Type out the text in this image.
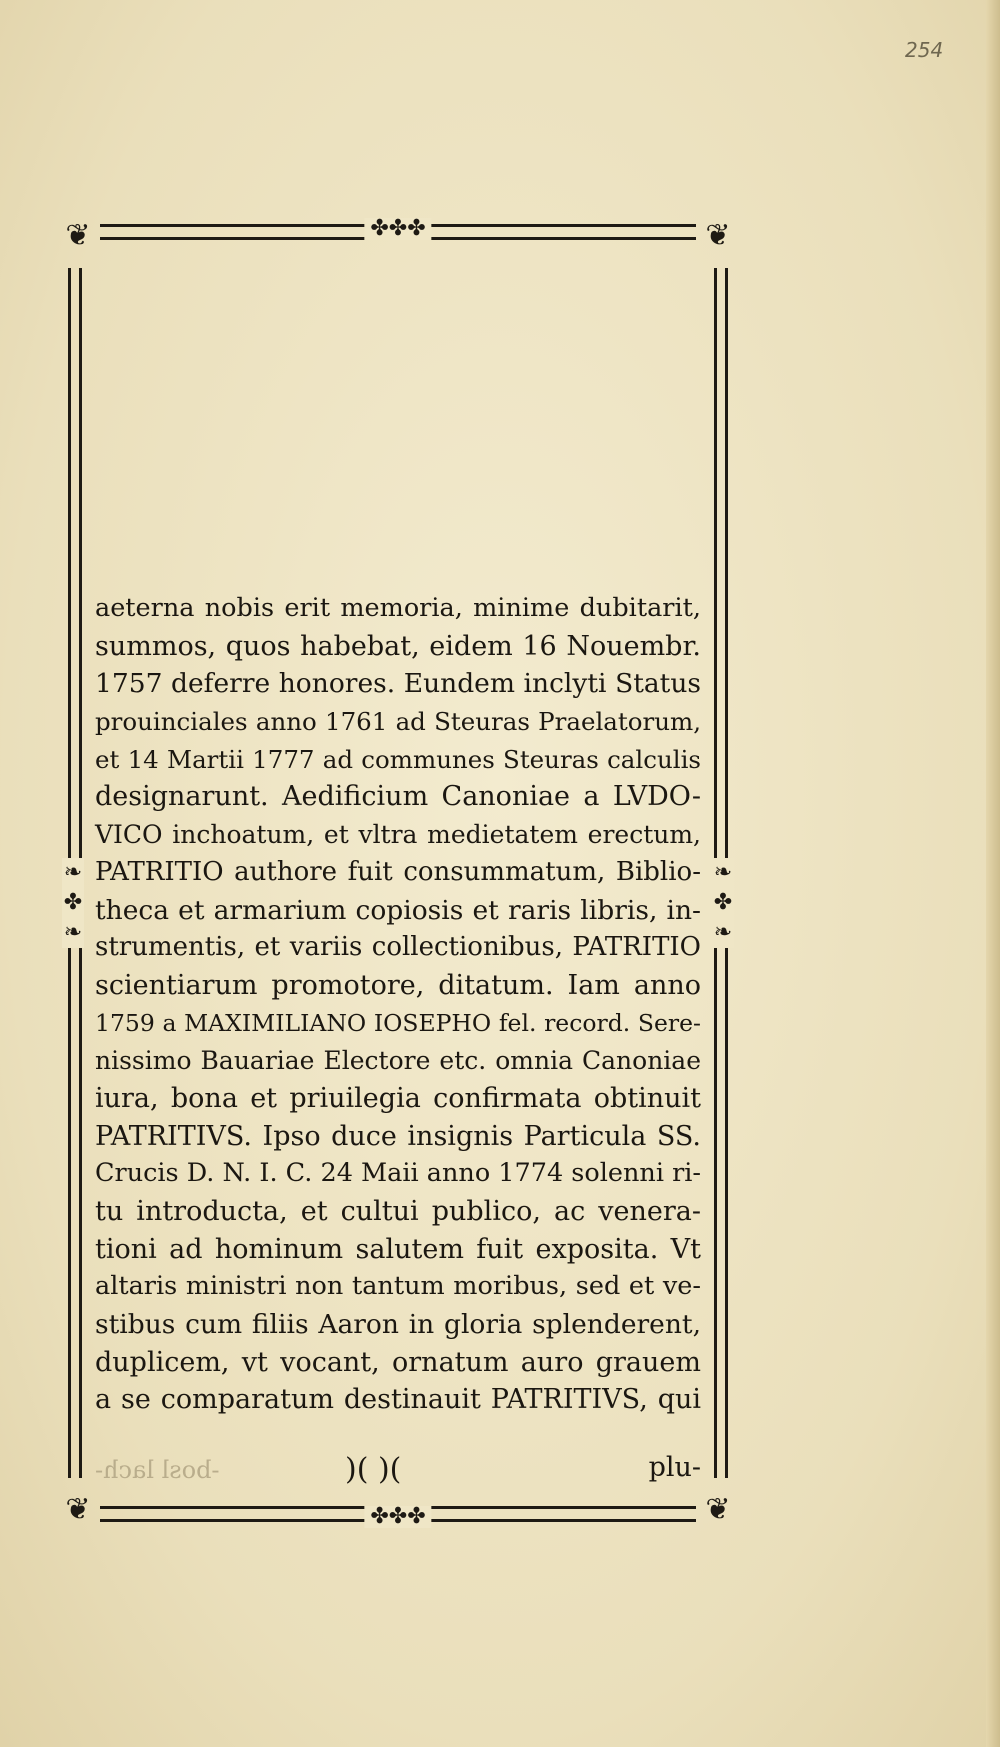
254
❦	❦
❦	❦
✤✤✤
✤✤✤
❧
✤
❧
❧
✤
❧
aeterna nobis erit memoria, minime dubitarit,
summos, quos habebat, eidem 16 Nouembr.
1757 deferre honores. Eundem inclyti Status
prouinciales anno 1761 ad Steuras Praelatorum,
et 14 Martii 1777 ad communes Steuras calculis
designarunt. Aedificium Canoniae a LVDO-
VICO inchoatum, et vltra medietatem erectum,
PATRITIO authore fuit consummatum, Biblio-
theca et armarium copiosis et raris libris, in-
strumentis, et variis collectionibus, PATRITIO
scientiarum promotore, ditatum. Iam anno
1759 a MAXIMILIANO IOSEPHO fel. record. Sere-
nissimo Bauariae Electore etc. omnia Canoniae
iura, bona et priuilegia confirmata obtinuit
PATRITIVS. Ipso duce insignis Particula SS.
Crucis D. N. I. C. 24 Maii anno 1774 solenni ri-
tu introducta, et cultui publico, ac venera-
tioni ad hominum salutem fuit exposita. Vt
altaris ministri non tantum moribus, sed et ve-
stibus cum filiis Aaron in gloria splenderent,
duplicem, vt vocant, ornatum auro grauem
a se comparatum destinauit PATRITIVS, qui
-bosl lach-	)( )(	plu-
